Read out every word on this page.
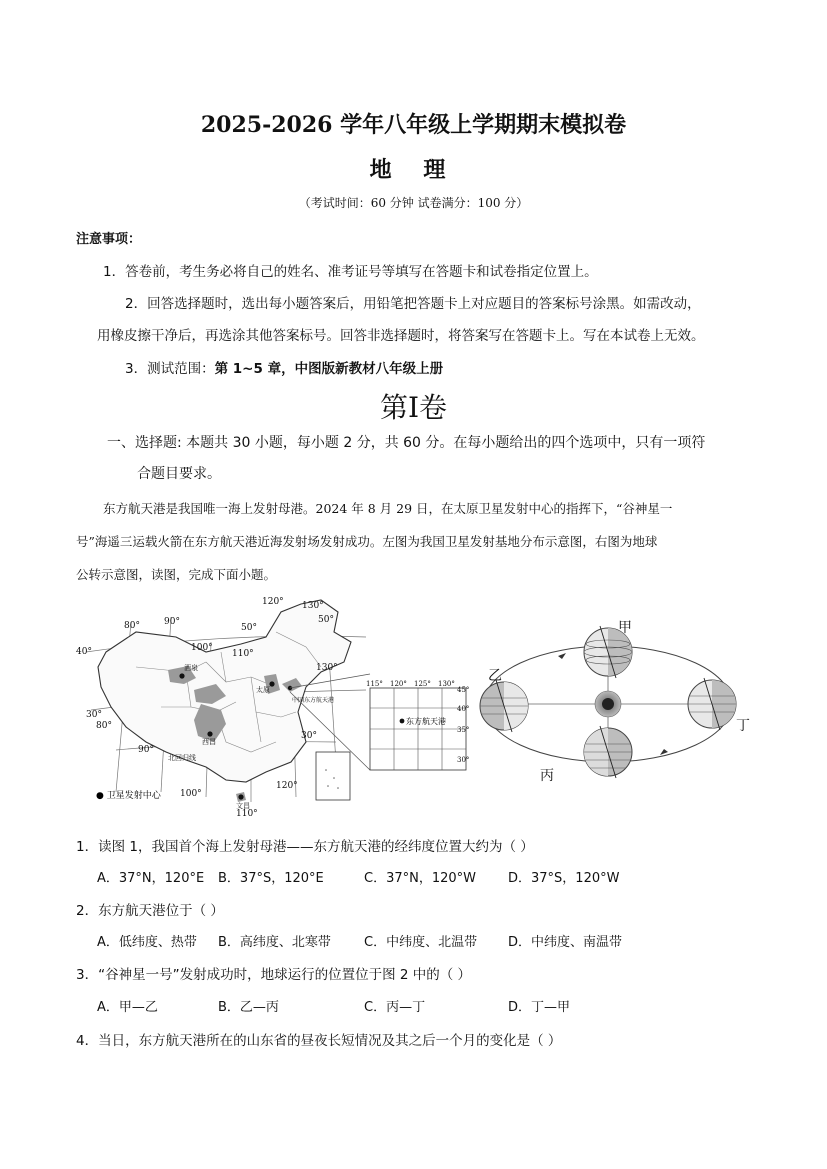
2025-2026 学年八年级上学期期末模拟卷
地 理
（考试时间：60 分钟 试卷满分：100 分）
注意事项：
1．答卷前，考生务必将自己的姓名、准考证号等填写在答题卡和试卷指定位置上。
2．回答选择题时，选出每小题答案后，用铅笔把答题卡上对应题目的答案标号涂黑。如需改动，
用橡皮擦干净后，再选涂其他答案标号。回答非选择题时，将答案写在答题卡上。写在本试卷上无效。
3．测试范围：第 1~5 章，中图版新教材八年级上册
第Ⅰ卷
一、选择题: 本题共 30 小题，每小题 2 分，共 60 分。在每小题给出的四个选项中，只有一项符
合题目要求。
东方航天港是我国唯一海上发射母港。2024 年 8 月 29 日，在太原卫星发射中心的指挥下，“谷神星一
号”海遥三运载火箭在东方航天港近海发射场发射成功。左图为我国卫星发射基地分布示意图，右图为地球
公转示意图，读图，完成下面小题。
酒泉
太原
西昌
文昌
北回归线
中国东方航天港
80°	90°
100°
110°
120° 130°
50°
40°
30°
80°
90°
100°
110°
120°
130°
30°
50°
● 卫星发射中心
东方航天港
115° 120° 125° 130°
45°
40°
35°
30°
甲
乙
丙
丁
1．读图 1，我国首个海上发射母港——东方航天港的经纬度位置大约为（ ）
A．37°N，120°E B．37°S，120°E	C．37°N，120°W D．37°S，120°W
2．东方航天港位于（ ）
A．低纬度、热带 B．高纬度、北寒带	C．中纬度、北温带 D．中纬度、南温带
3．“谷神星一号”发射成功时，地球运行的位置位于图 2 中的（ ）
A．甲—乙	B．乙—丙	C．丙—丁	D．丁—甲
4．当日，东方航天港所在的山东省的昼夜长短情况及其之后一个月的变化是（ ）
